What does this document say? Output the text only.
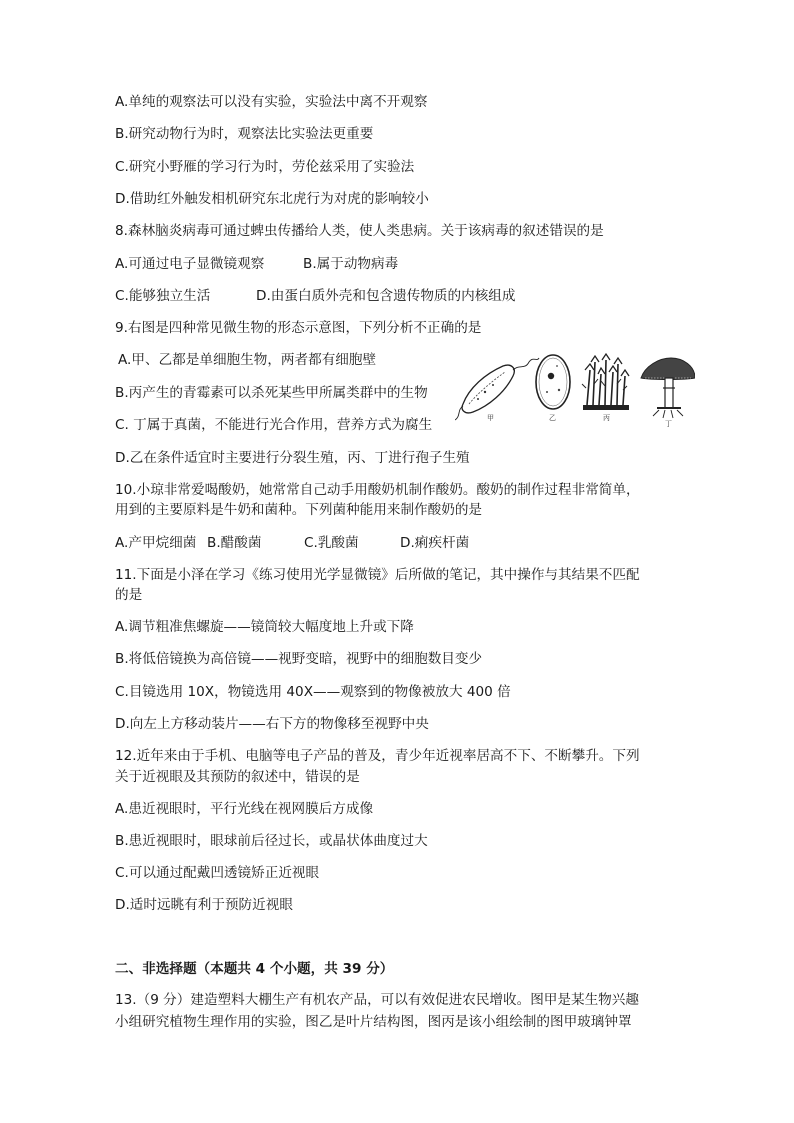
A.单纯的观察法可以没有实验，实验法中离不开观察
B.研究动物行为时，观察法比实验法更重要
C.研究小野雁的学习行为时，劳伦兹采用了实验法
D.借助红外触发相机研究东北虎行为对虎的影响较小
8.森林脑炎病毒可通过蜱虫传播给人类，使人类患病。关于该病毒的叙述错误的是
A.可通过电子显微镜观察	B.属于动物病毒
C.能够独立生活	D.由蛋白质外壳和包含遗传物质的内核组成
9.右图是四种常见微生物的形态示意图，下列分析不正确的是
A.甲、乙都是单细胞生物，两者都有细胞壁
B.丙产生的青霉素可以杀死某些甲所属类群中的生物
C. 丁属于真菌，不能进行光合作用，营养方式为腐生
D.乙在条件适宜时主要进行分裂生殖，丙、丁进行孢子生殖
甲	乙	丙
丁
10.小琼非常爱喝酸奶，她常常自己动手用酸奶机制作酸奶。酸奶的制作过程非常简单，
用到的主要原料是牛奶和菌种。下列菌种能用来制作酸奶的是
A.产甲烷细菌 B.醋酸菌	C.乳酸菌	D.痢疾杆菌
11.下面是小泽在学习《练习使用光学显微镜》后所做的笔记，其中操作与其结果不匹配
的是
A.调节粗准焦螺旋——镜筒较大幅度地上升或下降
B.将低倍镜换为高倍镜——视野变暗，视野中的细胞数目变少
C.目镜选用 10X，物镜选用 40X——观察到的物像被放大 400 倍
D.向左上方移动装片——右下方的物像移至视野中央
12.近年来由于手机、电脑等电子产品的普及，青少年近视率居高不下、不断攀升。下列
关于近视眼及其预防的叙述中，错误的是
A.患近视眼时，平行光线在视网膜后方成像
B.患近视眼时，眼球前后径过长，或晶状体曲度过大
C.可以通过配戴凹透镜矫正近视眼
D.适时远眺有利于预防近视眼
二、非选择题（本题共 4 个小题，共 39 分）
13.（9 分）建造塑料大棚生产有机农产品，可以有效促进农民增收。图甲是某生物兴趣
小组研究植物生理作用的实验，图乙是叶片结构图，图丙是该小组绘制的图甲玻璃钟罩
